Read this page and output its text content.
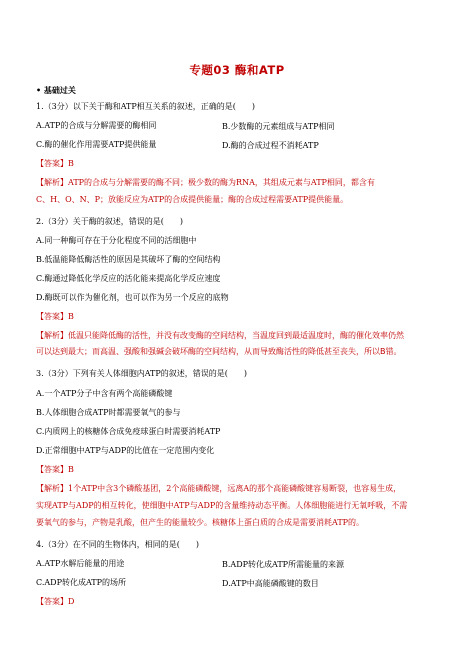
专题03 酶和ATP
• 基础过关
1.（3分）以下关于酶和ATP相互关系的叙述，正确的是(　　)
A.ATP的合成与分解需要的酶相同	B.少数酶的元素组成与ATP相同
C.酶的催化作用需要ATP提供能量	D.酶的合成过程不消耗ATP
【答案】B
【解析】ATP的合成与分解需要的酶不同；极少数的酶为RNA，其组成元素与ATP相同，都含有
C、H、O、N、P；放能反应为ATP的合成提供能量；酶的合成过程需要ATP提供能量。
2.（3分）关于酶的叙述，错误的是(　　)
A.同一种酶可存在于分化程度不同的活细胞中
B.低温能降低酶活性的原因是其破坏了酶的空间结构
C.酶通过降低化学反应的活化能来提高化学反应速度
D.酶既可以作为催化剂，也可以作为另一个反应的底物
【答案】B
【解析】低温只能降低酶的活性，并没有改变酶的空间结构，当温度回到最适温度时，酶的催化效率仍然
可以达到最大；而高温、强酸和强碱会破坏酶的空间结构，从而导致酶活性的降低甚至丧失，所以B错。
3.（3分）下列有关人体细胞内ATP的叙述，错误的是(　　)
A.一个ATP分子中含有两个高能磷酸键
B.人体细胞合成ATP时都需要氧气的参与
C.内质网上的核糖体合成免疫球蛋白时需要消耗ATP
D.正常细胞中ATP与ADP的比值在一定范围内变化
【答案】B
【解析】1个ATP中含3个磷酸基团，2个高能磷酸键，远离A的那个高能磷酸键容易断裂，也容易生成，
实现ATP与ADP的相互转化，使细胞中ATP与ADP的含量维持动态平衡。人体细胞能进行无氧呼吸，不需
要氧气的参与，产物是乳酸，但产生的能量较少。核糖体上蛋白质的合成是需要消耗ATP的。
4.（3分）在不同的生物体内，相同的是(　　)
A.ATP水解后能量的用途	B.ADP转化成ATP所需能量的来源
C.ADP转化成ATP的场所	D.ATP中高能磷酸键的数目
【答案】D
